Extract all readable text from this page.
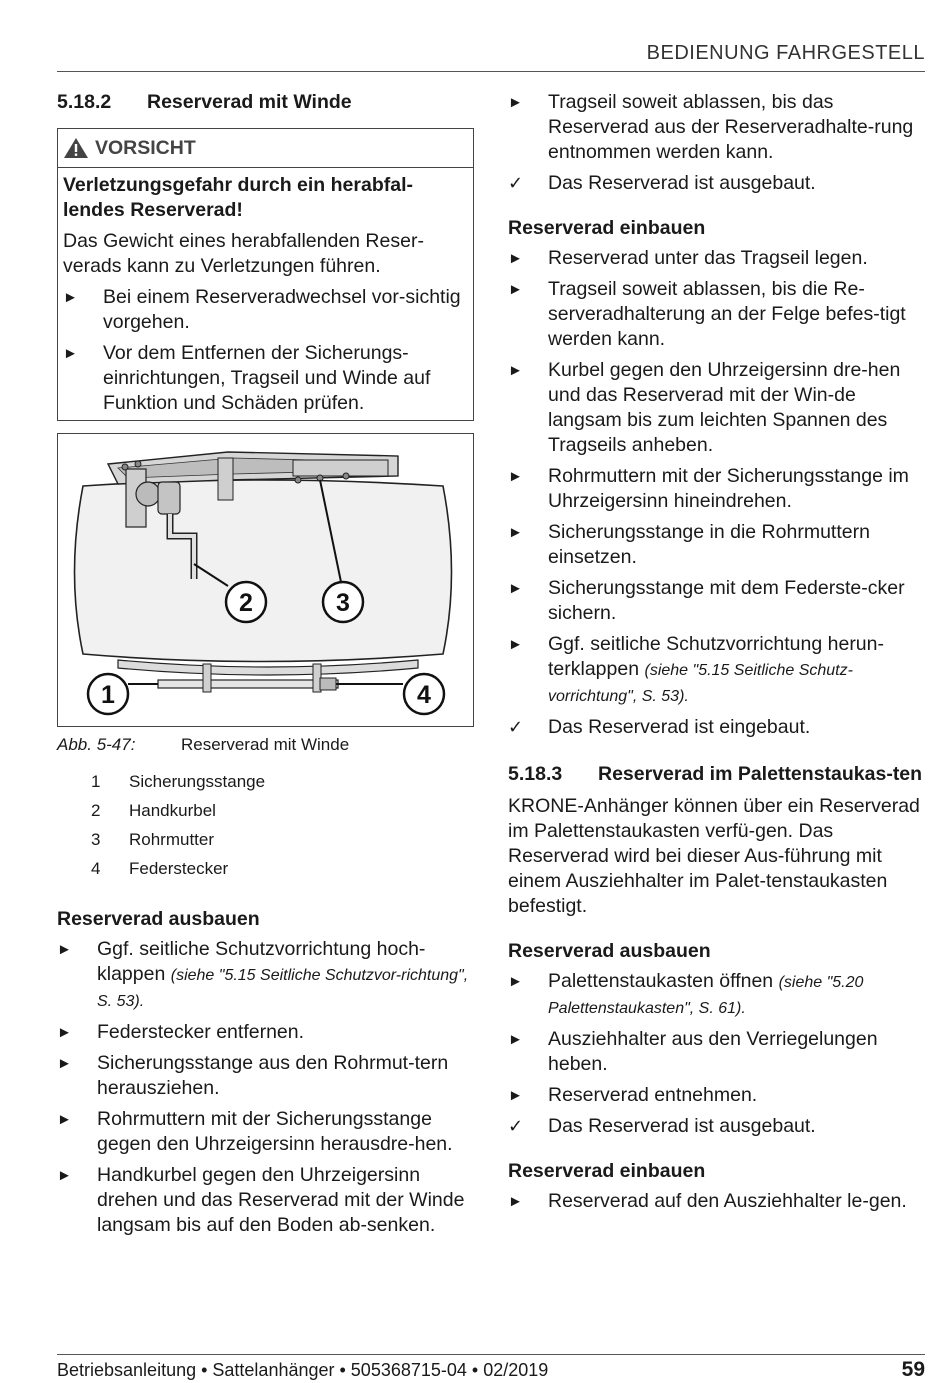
BEDIENUNG FAHRGESTELL
5.18.2	Reserverad mit Winde
VORSICHT
Verletzungsgefahr durch ein herabfal-lendes Reserverad!
Das Gewicht eines herabfallenden Reser-verads kann zu Verletzungen führen.
►	Bei einem Reserveradwechsel vor-sichtig vorgehen.
►	Vor dem Entfernen der Sicherungs-einrichtungen, Tragseil und Winde auf Funktion und Schäden prüfen.
2	3
1	4
Abb. 5-47:	Reserverad mit Winde
1	Sicherungsstange
2	Handkurbel
3	Rohrmutter
4	Federstecker
Reserverad ausbauen
►	Ggf. seitliche Schutzvorrichtung hoch-klappen (siehe "5.15 Seitliche Schutzvor-richtung", S. 53).
►	Federstecker entfernen.
►	Sicherungsstange aus den Rohrmut-tern herausziehen.
►	Rohrmuttern mit der Sicherungsstange gegen den Uhrzeigersinn herausdre-hen.
►	Handkurbel gegen den Uhrzeigersinn drehen und das Reserverad mit der Winde langsam bis auf den Boden ab-senken.
►	Tragseil soweit ablassen, bis das Reserverad aus der Reserveradhalte-rung entnommen werden kann.
✓	Das Reserverad ist ausgebaut.
Reserverad einbauen
►	Reserverad unter das Tragseil legen.
►	Tragseil soweit ablassen, bis die Re-serveradhalterung an der Felge befes-tigt werden kann.
►	Kurbel gegen den Uhrzeigersinn dre-hen und das Reserverad mit der Win-de langsam bis zum leichten Spannen des Tragseils anheben.
►	Rohrmuttern mit der Sicherungsstange im Uhrzeigersinn hineindrehen.
►	Sicherungsstange in die Rohrmuttern einsetzen.
►	Sicherungsstange mit dem Federste-cker sichern.
►	Ggf. seitliche Schutzvorrichtung herun-terklappen (siehe "5.15 Seitliche Schutz-vorrichtung", S. 53).
✓	Das Reserverad ist eingebaut.
5.18.3	Reserverad im Palettenstaukas-ten
KRONE-Anhänger können über ein Reserverad im Palettenstaukasten verfü-gen. Das Reserverad wird bei dieser Aus-führung mit einem Ausziehhalter im Palet-tenstaukasten befestigt.
Reserverad ausbauen
►	Palettenstaukasten öffnen (siehe "5.20 Palettenstaukasten", S. 61).
►	Ausziehhalter aus den Verriegelungen heben.
►	Reserverad entnehmen.
✓	Das Reserverad ist ausgebaut.
Reserverad einbauen
►	Reserverad auf den Ausziehhalter le-gen.
Betriebsanleitung • Sattelanhänger • 505368715-04 • 02/2019	59
